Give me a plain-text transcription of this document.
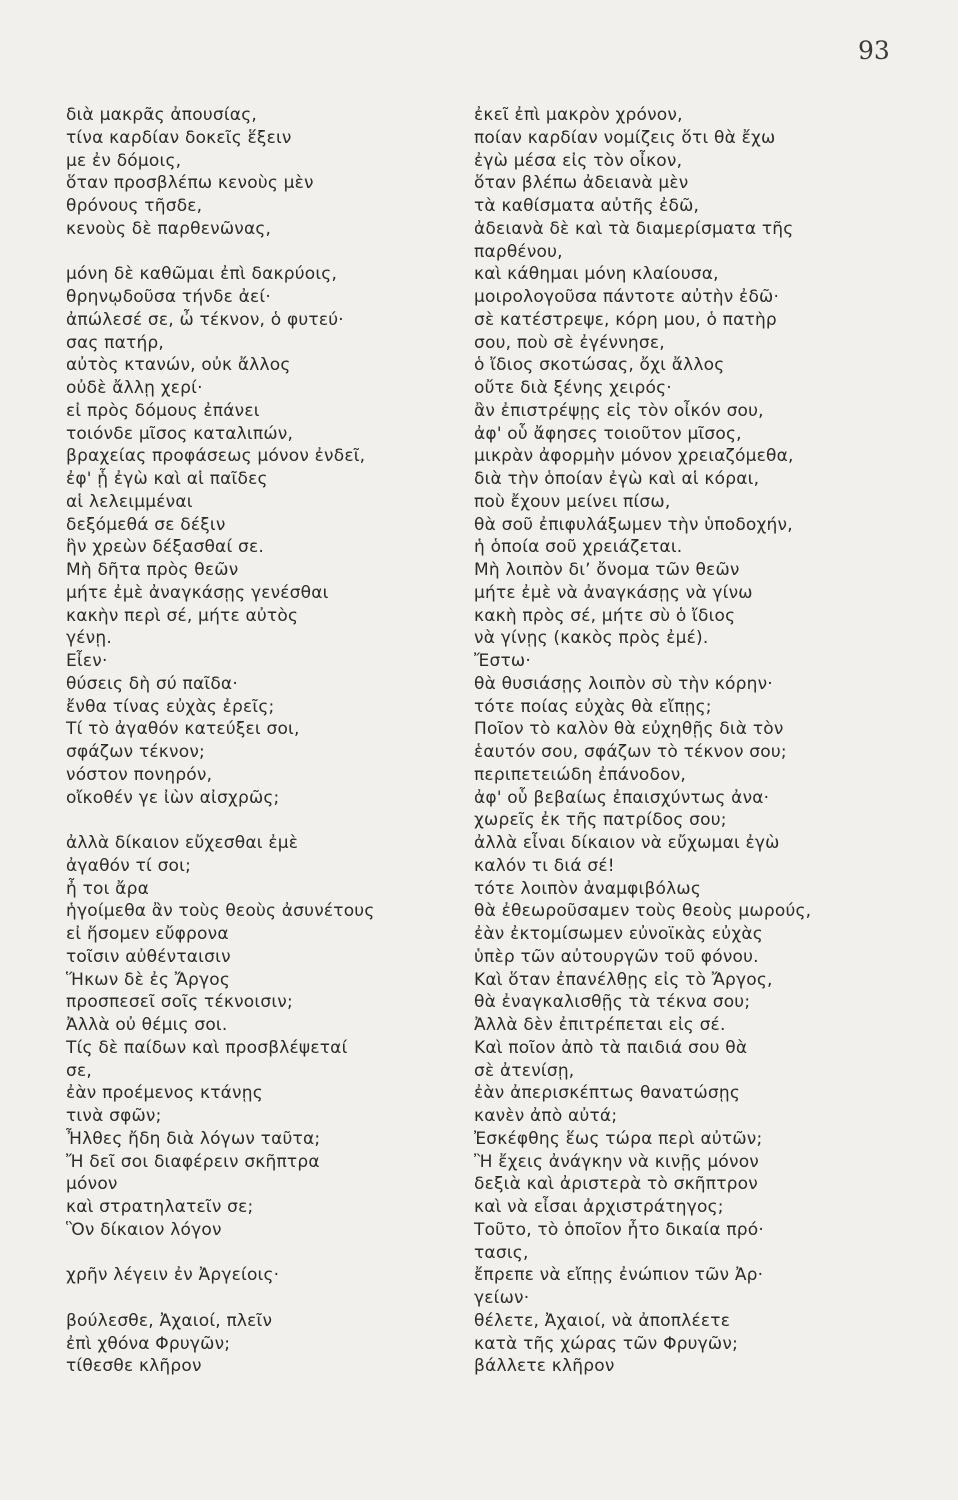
93
διὰ μακρᾶς ἀπουσίας,
τίνα καρδίαν δοκεῖς ἕξειν
με ἐν δόμοις,
ὅταν προσβλέπω κενοὺς μὲν
θρόνους τῆσδε,
κενοὺς δὲ παρθενῶνας,
μόνη δὲ καθῶμαι ἐπὶ δακρύοις,
θρηνῳδοῦσα τήνδε ἀεί·
ἀπώλεσέ σε, ὦ τέκνον, ὁ φυτεύ·
σας πατήρ,
αὐτὸς κτανών, οὐκ ἄλλος
οὐδὲ ἄλλῃ χερί·
εἰ πρὸς δόμους ἐπάνει
τοιόνδε μῖσος καταλιπών,
βραχείας προφάσεως μόνον ἐνδεῖ,
ἐφ' ᾗ ἐγὼ καὶ αἱ παῖδες
αἱ λελειμμέναι
δεξόμεθά σε δέξιν
ἣν χρεὼν δέξασθαί σε.
Μὴ δῆτα πρὸς θεῶν
μήτε ἐμὲ ἀναγκάσῃς γενέσθαι
κακὴν περὶ σέ, μήτε αὐτὸς
γένῃ.
Εἶεν·
θύσεις δὴ σύ παῖδα·
ἔνθα τίνας εὐχὰς ἐρεῖς;
Τί τὸ ἀγαθόν κατεύξει σοι,
σφάζων τέκνον;
νόστον πονηρόν,
οἴκοθέν γε ἰὼν αἰσχρῶς;
ἀλλὰ δίκαιον εὔχεσθαι ἐμὲ
ἀγαθόν τί σοι;
ἦ τοι ἄρα
ἡγοίμεθα ἂν τοὺς θεοὺς ἀσυνέτους
εἰ ἥσομεν εὔφρονα
τοῖσιν αὐθένταισιν
Ἥκων δὲ ἐς Ἄργος
προσπεσεῖ σοῖς τέκνοισιν;
Ἀλλὰ οὐ θέμις σοι.
Τίς δὲ παίδων καὶ προσβλέψεταί
σε,
ἐὰν προέμενος κτάνῃς
τινὰ σφῶν;
Ἦλθες ἤδη διὰ λόγων ταῦτα;
Ἤ δεῖ σοι διαφέρειν σκῆπτρα
μόνον
καὶ στρατηλατεῖν σε;
Ὃν δίκαιον λόγον
χρῆν λέγειν ἐν Ἀργείοις·
βούλεσθε, Ἀχαιοί, πλεῖν
ἐπὶ χθόνα Φρυγῶν;
τίθεσθε κλῆρον
ἐκεῖ ἐπὶ μακρὸν χρόνον,
ποίαν καρδίαν νομίζεις ὅτι θὰ ἔχω
ἐγὼ μέσα εἰς τὸν οἶκον,
ὅταν βλέπω ἀδειανὰ μὲν
τὰ καθίσματα αὐτῆς ἐδῶ,
ἀδειανὰ δὲ καὶ τὰ διαμερίσματα τῆς
παρθένου,
καὶ κάθημαι μόνη κλαίουσα,
μοιρολογοῦσα πάντοτε αὐτὴν ἐδῶ·
σὲ κατέστρεψε, κόρη μου, ὁ πατὴρ
σου, ποὺ σὲ ἐγέννησε,
ὁ ἴδιος σκοτώσας, ὄχι ἄλλος
οὔτε διὰ ξένης χειρός·
ἂν ἐπιστρέψῃς εἰς τὸν οἶκόν σου,
ἀφ' οὗ ἄφησες τοιοῦτον μῖσος,
μικρὰν ἀφορμὴν μόνον χρειαζόμεθα,
διὰ τὴν ὁποίαν ἐγὼ καὶ αἱ κόραι,
ποὺ ἔχουν μείνει πίσω,
θὰ σοῦ ἐπιφυλάξωμεν τὴν ὑποδοχήν,
ἡ ὁποία σοῦ χρειάζεται.
Μὴ λοιπὸν διʼ ὄνομα τῶν θεῶν
μήτε ἐμὲ νὰ ἀναγκάσῃς νὰ γίνω
κακὴ πρὸς σέ, μήτε σὺ ὁ ἴδιος
νὰ γίνῃς (κακὸς πρὸς ἐμέ).
Ἔστω·
θὰ θυσιάσῃς λοιπὸν σὺ τὴν κόρην·
τότε ποίας εὐχὰς θὰ εἴπῃς;
Ποῖον τὸ καλὸν θὰ εὐχηθῇς διὰ τὸν
ἑαυτόν σου, σφάζων τὸ τέκνον σου;
περιπετειώδη ἐπάνοδον,
ἀφ' οὗ βεβαίως ἐπαισχύντως ἀνα·
χωρεῖς ἐκ τῆς πατρίδος σου;
ἀλλὰ εἶναι δίκαιον νὰ εὔχωμαι ἐγὼ
καλόν τι διά σέ!
τότε λοιπὸν ἀναμφιβόλως
θὰ ἐθεωροῦσαμεν τοὺς θεοὺς μωρούς,
ἐὰν ἐκτομίσωμεν εὐνοϊκὰς εὐχὰς
ὑπὲρ τῶν αὐτουργῶν τοῦ φόνου.
Καὶ ὅταν ἐπανέλθῃς εἰς τὸ Ἄργος,
θὰ ἐναγκαλισθῇς τὰ τέκνα σου;
Ἀλλὰ δὲν ἐπιτρέπεται εἰς σέ.
Καὶ ποῖον ἀπὸ τὰ παιδιά σου θὰ
σὲ ἀτενίσῃ,
ἐὰν ἀπερισκέπτως θανατώσῃς
κανὲν ἀπὸ αὐτά;
Ἐσκέφθης ἕως τώρα περὶ αὐτῶν;
Ἢ ἔχεις ἀνάγκην νὰ κινῇς μόνον
δεξιὰ καὶ ἀριστερὰ τὸ σκῆπτρον
καὶ νὰ εἶσαι ἀρχιστράτηγος;
Τοῦτο, τὸ ὁποῖον ἦτο δικαία πρό·
τασις,
ἔπρεπε νὰ εἴπῃς ἐνώπιον τῶν Ἀρ·
γείων·
θέλετε, Ἀχαιοί, νὰ ἀποπλέετε
κατὰ τῆς χώρας τῶν Φρυγῶν;
βάλλετε κλῆρον
